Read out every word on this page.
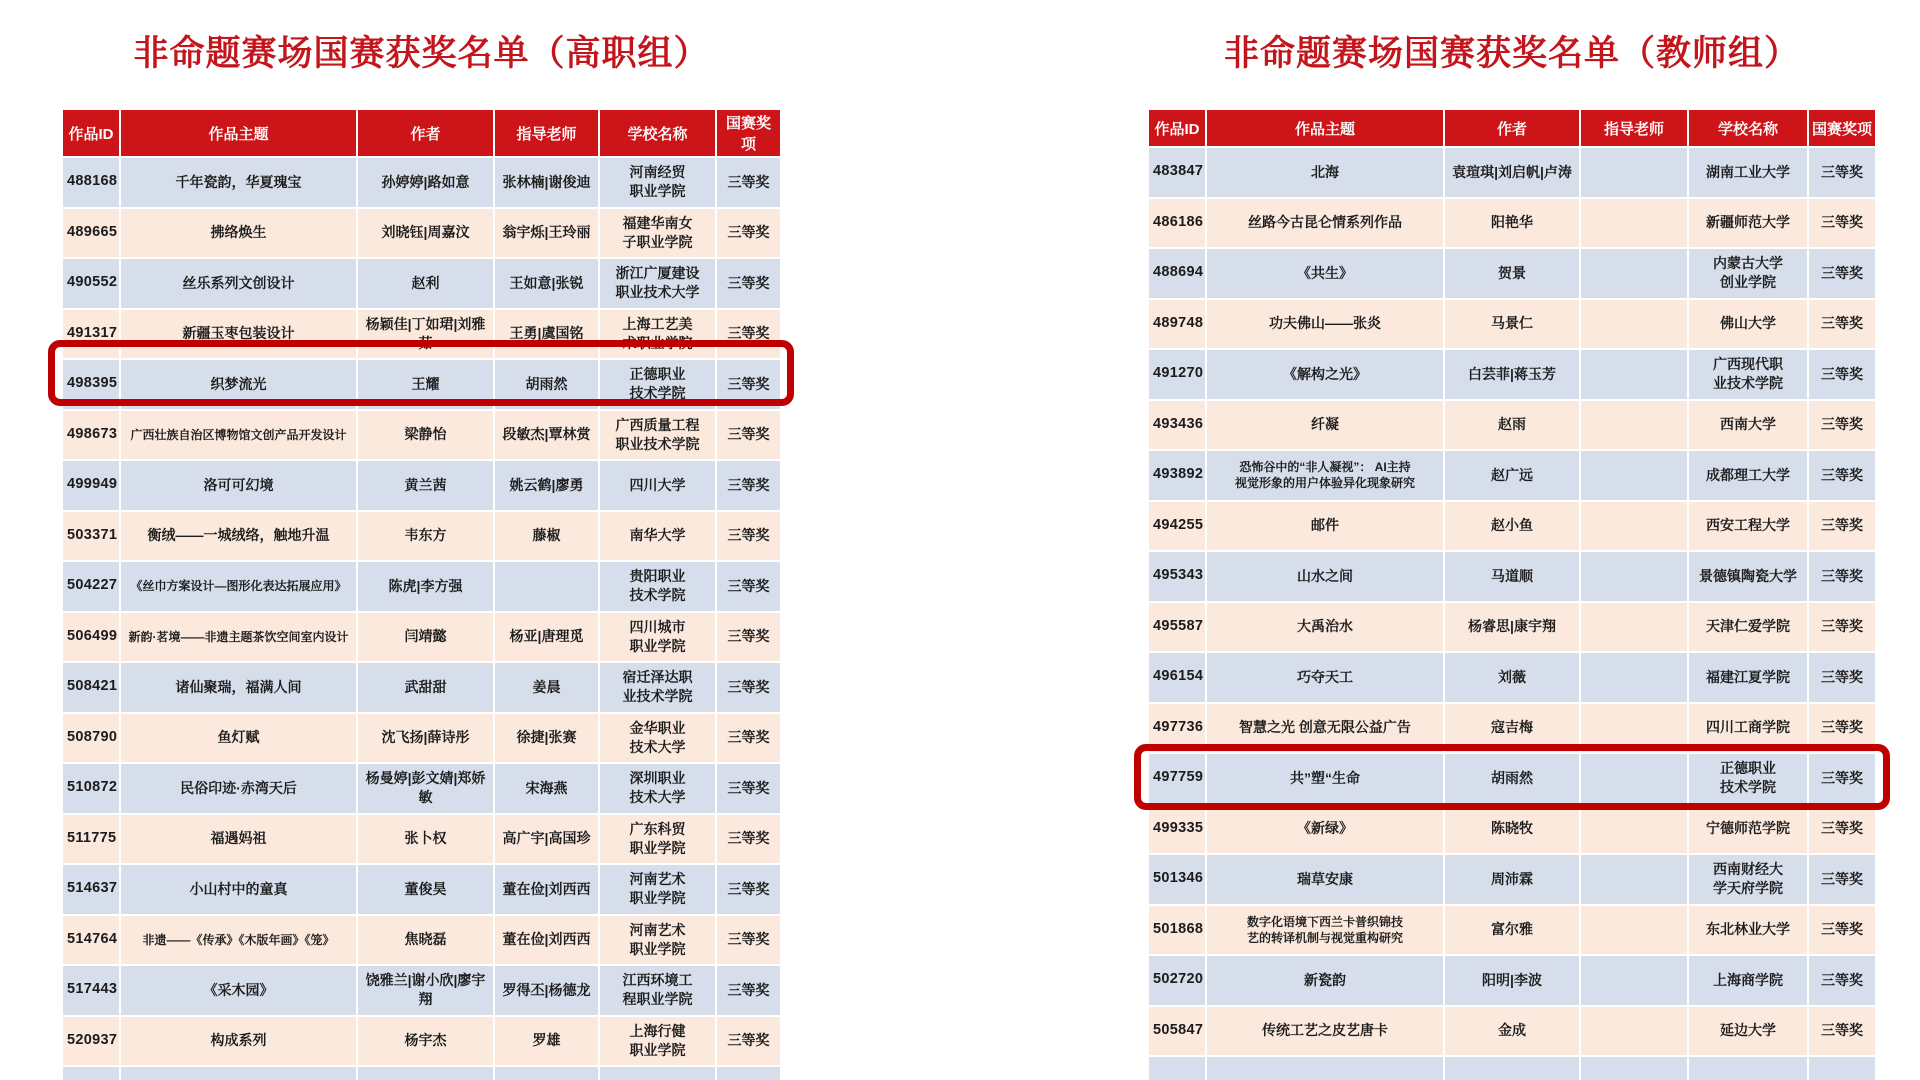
非命题赛场国赛获奖名单（高职组）	非命题赛场国赛获奖名单（教师组）
作品ID	作品主题	作者	指导老师	学校名称	国赛奖项
488168	千年瓷韵，华夏瑰宝	孙婷婷|路如意	张林楠|谢俊迪	河南经贸职业学院	三等奖
489665	拂络焕生	刘晓钰|周嘉汶	翁宇烁|王玲丽	福建华南女子职业学院	三等奖
490552	丝乐系列文创设计	赵利	王如意|张锐	浙江广厦建设职业技术大学	三等奖
491317	新疆玉枣包装设计	杨颖佳|丁如珺|刘雅茹	王勇|虞国铭	上海工艺美术职业学院	三等奖
498395	织梦流光	王耀	胡雨然	正德职业技术学院	三等奖
498673	广西壮族自治区博物馆文创产品开发设计	梁静怡	段敏杰|覃林赏	广西质量工程职业技术学院	三等奖
499949	洛可可幻境	黄兰茜	姚云鹤|廖勇	四川大学	三等奖
503371	衡绒——一城绒络，触地升温	韦东方	藤椒	南华大学	三等奖
504227	《丝巾方案设计—图形化表达拓展应用》	陈虎|李方强		贵阳职业技术学院	三等奖
506499	新韵·茗境——非遗主题茶饮空间室内设计	闫靖懿	杨亚|唐理觅	四川城市职业学院	三等奖
508421	诸仙聚瑞，福满人间	武甜甜	姜晨	宿迁泽达职业技术学院	三等奖
508790	鱼灯赋	沈飞扬|薛诗彤	徐捷|张赛	金华职业技术大学	三等奖
510872	民俗印迹·赤湾天后	杨曼婷|彭文婧|郑娇敏	宋海燕	深圳职业技术大学	三等奖
511775	福遇妈祖	张卜权	高广宇|高国珍	广东科贸职业学院	三等奖
514637	小山村中的童真	董俊昊	董在俭|刘西西	河南艺术职业学院	三等奖
514764	非遗——《传承》《木版年画》《笼》	焦晓磊	董在俭|刘西西	河南艺术职业学院	三等奖
517443	《采木园》	饶雅兰|谢小欣|廖宇翔	罗得丕|杨德龙	江西环境工程职业学院	三等奖
520937	构成系列	杨宇杰	罗雄	上海行健职业学院	三等奖

作品ID	作品主题	作者	指导老师	学校名称	国赛奖项
483847	北海	袁瑄琪|刘启帆|卢涛		湖南工业大学	三等奖
486186	丝路今古昆仑情系列作品	阳艳华		新疆师范大学	三等奖
488694	《共生》	贺景		内蒙古大学创业学院	三等奖
489748	功夫佛山——张炎	马景仁		佛山大学	三等奖
491270	《解构之光》	白芸菲|蒋玉芳		广西现代职业技术学院	三等奖
493436	纤凝	赵雨		西南大学	三等奖
493892	恐怖谷中的“非人凝视”： AI主持视觉形象的用户体验异化现象研究	赵广远		成都理工大学	三等奖
494255	邮件	赵小鱼		西安工程大学	三等奖
495343	山水之间	马道顺		景德镇陶瓷大学	三等奖
495587	大禹治水	杨睿思|康宇翔		天津仁爱学院	三等奖
496154	巧夺天工	刘薇		福建江夏学院	三等奖
497736	智慧之光 创意无限公益广告	寇吉梅		四川工商学院	三等奖
497759	共”塑“生命	胡雨然		正德职业技术学院	三等奖
499335	《新绿》	陈晓牧		宁德师范学院	三等奖
501346	瑞草安康	周沛霖		西南财经大学天府学院	三等奖
501868	数字化语境下西兰卡普织锦技艺的转译机制与视觉重构研究	富尔雅		东北林业大学	三等奖
502720	新瓷韵	阳明|李波		上海商学院	三等奖
505847	传统工艺之皮艺唐卡	金成		延边大学	三等奖
